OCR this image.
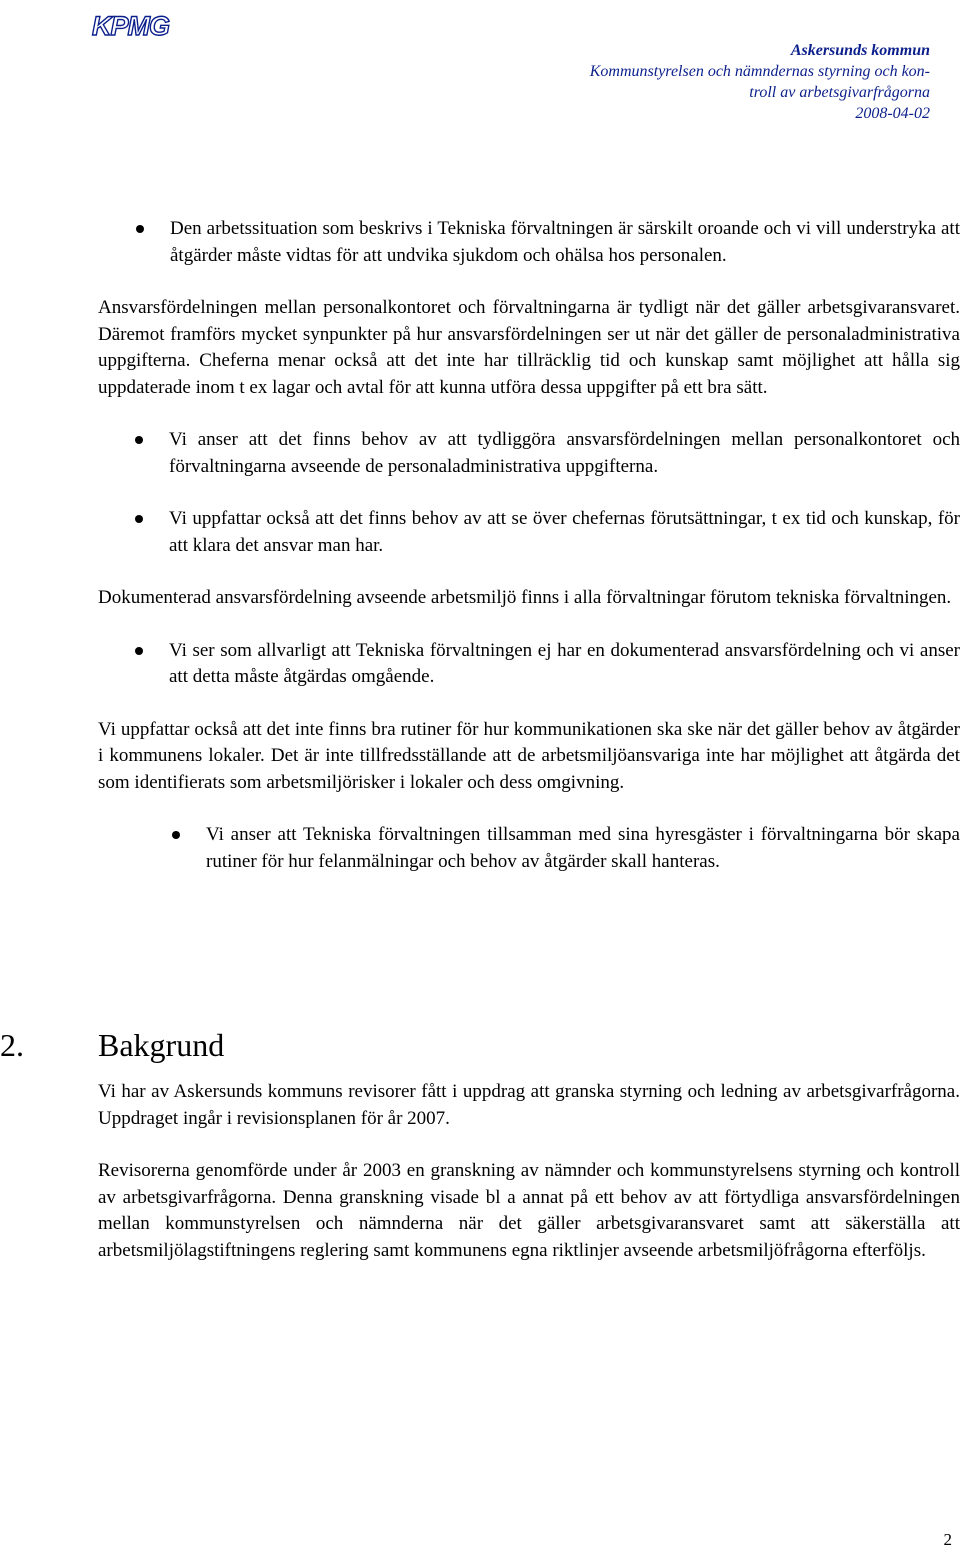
KPMG
Askersunds kommun
Kommunstyrelsen och nämndernas styrning och kon-
troll av arbetsgivarfrågorna
2008-04-02
Den arbetssituation som beskrivs i Tekniska förvaltningen är särskilt oroande och vi vill understryka att åtgärder måste vidtas för att undvika sjukdom och ohälsa hos personalen.

Ansvarsfördelningen mellan personalkontoret och förvaltningarna är tydligt när det gäller arbetsgivaransvaret. Däremot framförs mycket synpunkter på hur ansvarsfördelningen ser ut när det gäller de personaladministrativa uppgifterna. Cheferna menar också att det inte har tillräcklig tid och kunskap samt möjlighet att hålla sig uppdaterade inom t ex lagar och avtal för att kunna utföra dessa uppgifter på ett bra sätt.

Vi anser att det finns behov av att tydliggöra ansvarsfördelningen mellan personalkontoret och förvaltningarna avseende de personaladministrativa uppgifterna.
Vi uppfattar också att det finns behov av att se över chefernas förutsättningar, t ex tid och kunskap, för att klara det ansvar man har.

Dokumenterad ansvarsfördelning avseende arbetsmiljö finns i alla förvaltningar förutom tekniska förvaltningen.

Vi ser som allvarligt att Tekniska förvaltningen ej har en dokumenterad ansvarsfördelning och vi anser att detta måste åtgärdas omgående.

Vi uppfattar också att det inte finns bra rutiner för hur kommunikationen ska ske när det gäller behov av åtgärder i kommunens lokaler. Det är inte tillfredsställande att de arbetsmiljöansvariga inte har möjlighet att åtgärda det som identifierats som arbetsmiljörisker i lokaler och dess omgivning.

Vi anser att Tekniska förvaltningen tillsamman med sina hyresgäster i förvaltningarna bör skapa rutiner för hur felanmälningar och behov av åtgärder skall hanteras.
2. Bakgrund

Vi har av Askersunds kommuns revisorer fått i uppdrag att granska styrning och ledning av arbetsgivarfrågorna. Uppdraget ingår i revisionsplanen för år 2007.

Revisorerna genomförde under år 2003 en granskning av nämnder och kommunstyrelsens styrning och kontroll av arbetsgivarfrågorna. Denna granskning visade bl a annat på ett behov av att förtydliga ansvarsfördelningen mellan kommunstyrelsen och nämnderna när det gäller arbetsgivaransvaret samt att säkerställa att arbetsmiljölagstiftningens reglering samt kommunens egna riktlinjer avseende arbetsmiljöfrågorna efterföljs.

2
